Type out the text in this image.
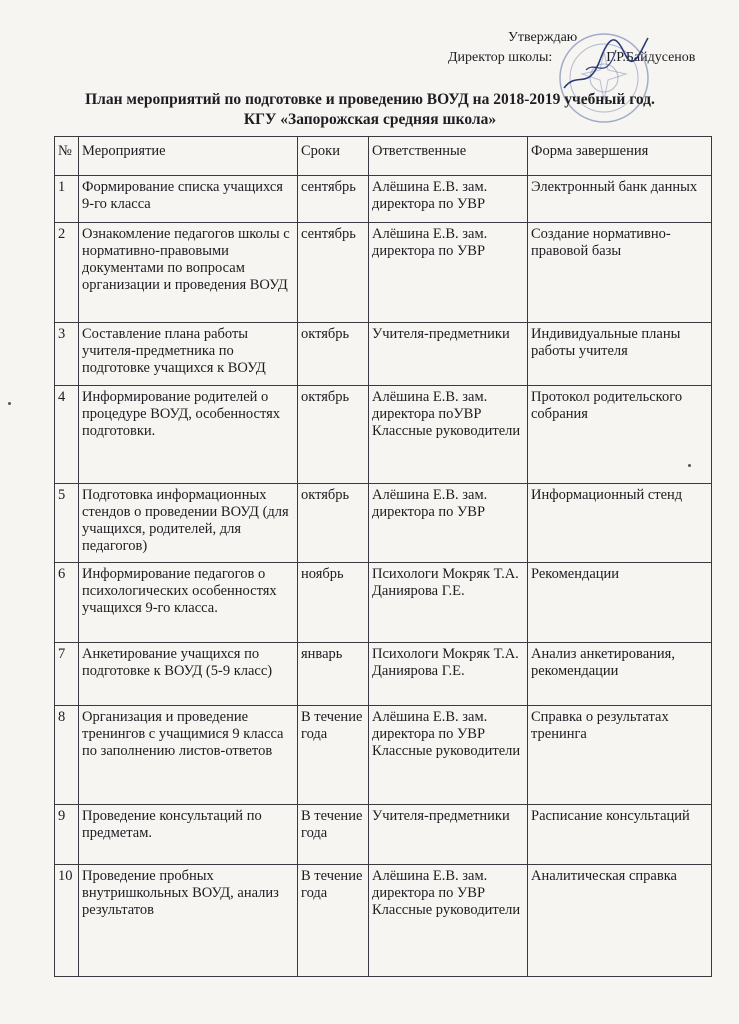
Утверждаю
Директор школы:	Г.Р.Байдусенов
План мероприятий по подготовке и проведению ВОУД на 2018-2019 учебный год.
КГУ «Запорожская средняя школа»
№	Мероприятие	Сроки	Ответственные	Форма завершения
1	Формирование списка учащихся 9-го класса	сентябрь	Алёшина Е.В. зам. директора по УВР	Электронный банк данных
2	Ознакомление педагогов школы с нормативно-правовыми документами по вопросам организации и проведения ВОУД	сентябрь	Алёшина Е.В. зам. директора по УВР	Создание нормативно-правовой базы
3	Составление плана работы учителя-предметника по подготовке учащихся к ВОУД	октябрь	Учителя-предметники	Индивидуальные планы работы учителя
4	Информирование родителей о процедуре ВОУД, особенностях подготовки.	октябрь	Алёшина Е.В. зам. директора поУВР Классные руководители	Протокол родительского собрания
5	Подготовка информационных стендов о проведении ВОУД (для учащихся, родителей, для педагогов)	октябрь	Алёшина Е.В. зам. директора по УВР	Информационный стенд
6	Информирование педагогов о психологических особенностях учащихся 9-го класса.	ноябрь	Психологи Мокряк Т.А. Даниярова Г.Е.	Рекомендации
7	Анкетирование учащихся по подготовке к ВОУД (5-9 класс)	январь	Психологи Мокряк Т.А. Даниярова Г.Е.	Анализ анкетирования, рекомендации
8	Организация и проведение тренингов с учащимися 9 класса по заполнению листов-ответов	В течение года	Алёшина Е.В. зам. директора по УВР Классные руководители	Справка о результатах тренинга
9	Проведение консультаций по предметам.	В течение года	Учителя-предметники	Расписание консультаций
10	Проведение пробных внутришкольных ВОУД, анализ результатов	В течение года	Алёшина Е.В. зам. директора по УВР Классные руководители	Аналитическая справка
